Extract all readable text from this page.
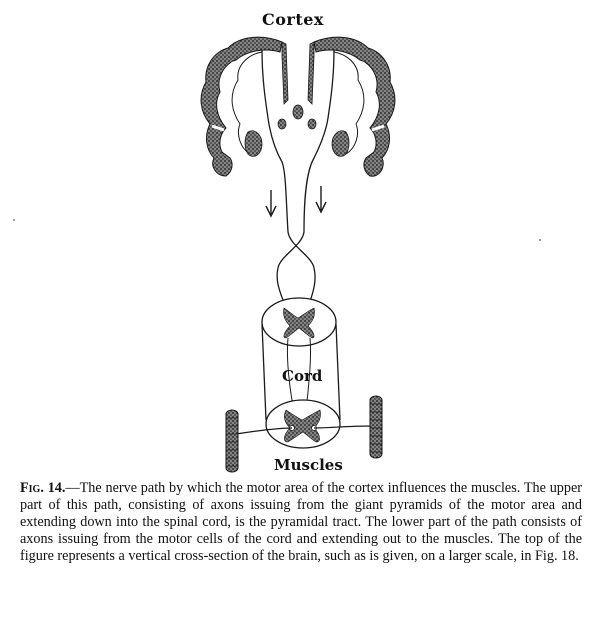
Cortex
Cord
Muscles
Fig. 14.—The nerve path by which the motor area of the cortex influences the muscles. The upper part of this path, consisting of axons issuing from the giant pyramids of the motor area and extending down into the spinal cord, is the pyramidal tract. The lower part of the path consists of axons issuing from the motor cells of the cord and extending out to the muscles. The top of the figure represents a vertical cross-section of the brain, such as is given, on a larger scale, in Fig. 18.
